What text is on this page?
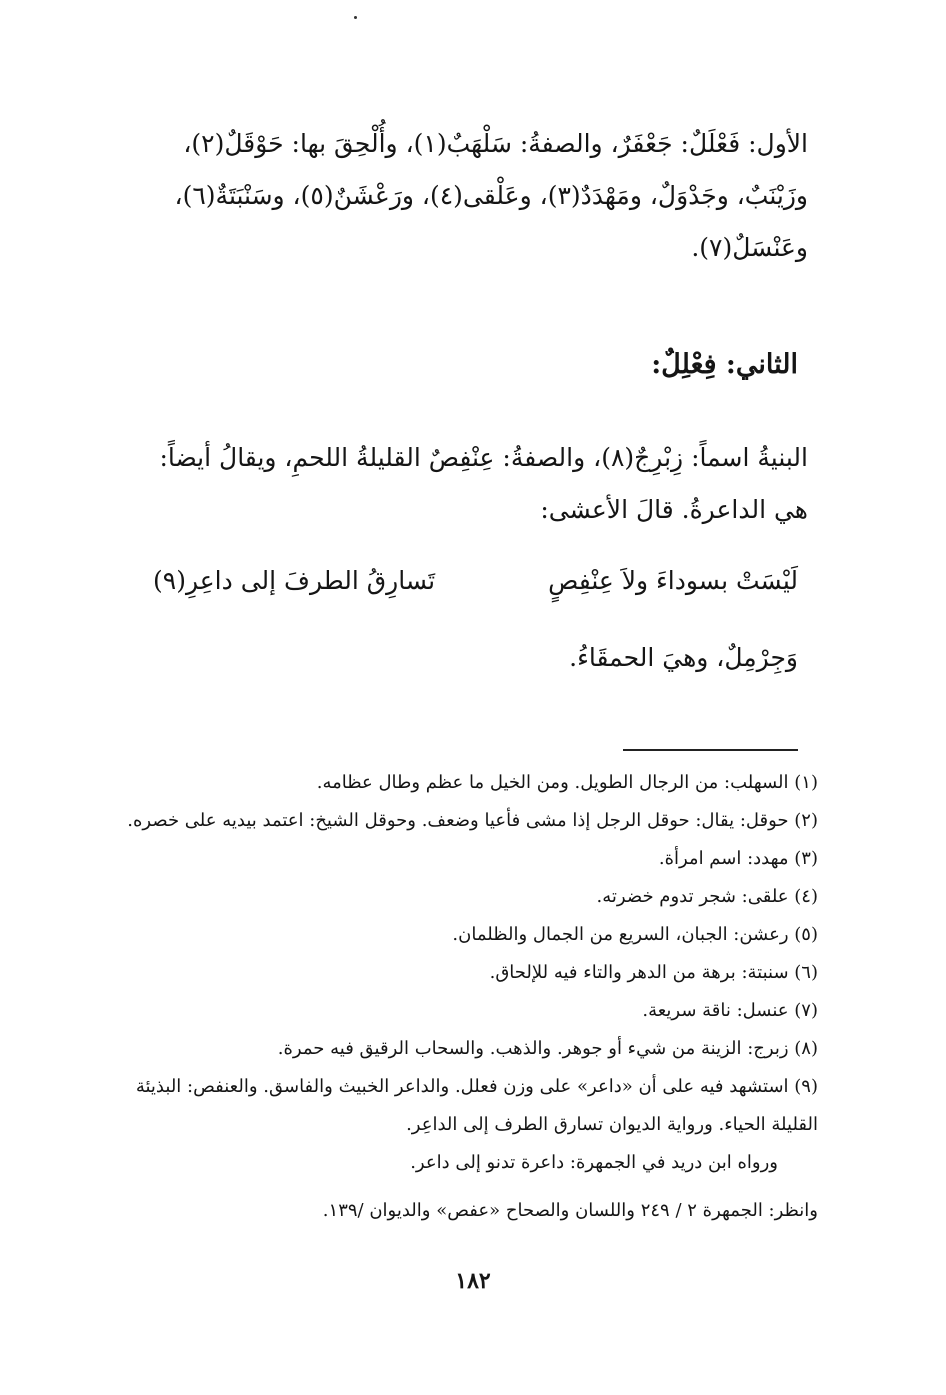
الأول: فَعْلَلٌ: جَعْفَرٌ، والصفةُ: سَلْهَبٌ(١)، وأُلْحِقَ بها: حَوْقَلٌ(٢)، وزَيْنَبٌ، وجَدْوَلٌ، ومَهْدَدٌ(٣)، وعَلْقى(٤)، ورَعْشَنٌ(٥)، وسَنْبَتَةٌ(٦)، وعَنْسَلٌ(٧).
الثاني: فِعْلِلٌ:
البنيةُ اسماً: زِبْرِجٌ(٨)، والصفةُ: عِنْفِصٌ القليلةُ اللحمِ، ويقالُ أيضاً: هي الداعرةُ. قالَ الأعشى:
لَيْسَتْ بسوداءَ ولاَ عِنْفِصٍ
تَسارِقُ الطرفَ إلى داعِرِ(٩)
وَجِرْمِلٌ، وهيَ الحمقَاءُ.
(١) السهلب: من الرجال الطويل. ومن الخيل ما عظم وطال عظامه.
(٢) حوقل: يقال: حوقل الرجل إذا مشى فأعيا وضعف. وحوقل الشيخ: اعتمد بيديه على خصره.
(٣) مهدد: اسم امرأة.
(٤) علقى: شجر تدوم خضرته.
(٥) رعشن: الجبان، السريع من الجمال والظلمان.
(٦) سنبتة: برهة من الدهر والتاء فيه للإلحاق.
(٧) عنسل: ناقة سريعة.
(٨) زبرج: الزينة من شيء أو جوهر. والذهب. والسحاب الرقيق فيه حمرة.
(٩) استشهد فيه على أن «داعر» على وزن فعلل. والداعر الخبيث والفاسق. والعنفص: البذيئة القليلة الحياء. ورواية الديوان تسارق الطرف إلى الداعِر.
ورواه ابن دريد في الجمهرة: داعرة تدنو إلى داعر.
وانظر: الجمهرة ٢ / ٢٤٩ واللسان والصحاح «عفص» والديوان /١٣٩.
١٨٢
